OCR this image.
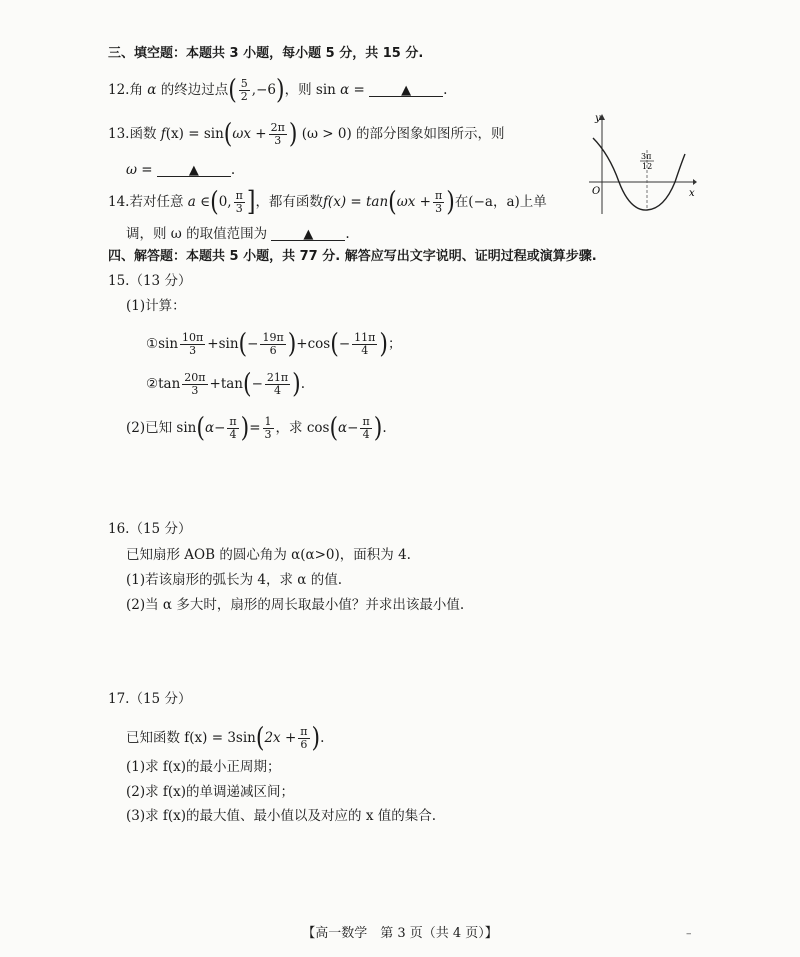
三、填空题：本题共 3 小题，每小题 5 分，共 15 分.
12.角 α 的终边过点( $\frac{5}{2} ,-6$)，则 sin α =	▲ .
13.函数 $f(x) = \sin(\omega x + \frac{2\pi}{3}$ ) (ω > 0) 的部分图象如图所示，则
ω =	▲ .
y
x
O
3π
12
14.若对任意 a ∈(0, $\frac{\pi}{3}$ ]，都有函数$f(x) = \tan(\omega x + \frac{\pi}{3}$ )在(−a，a)上单
调，则 ω 的取值范围为	▲ .
四、解答题：本题共 5 小题，共 77 分. 解答应写出文字说明、证明过程或演算步骤.
15.（13 分）
(1)计算：
①sin $\frac{10\pi}{3} +\sin(- \frac{19\pi}{6} )+\cos(- \frac{11\pi}{4}$ )；
②tan $\frac{20\pi}{3} +\tan(- \frac{21\pi}{4}$ ).
(2)已知 $\sin(\alpha- \frac{\pi}{4}$ )= $\frac{1}{3}$ ，求 $\cos(\alpha- \frac{\pi}{4}$ ).
16.（15 分）
已知扇形 AOB 的圆心角为 α(α>0)，面积为 4.
(1)若该扇形的弧长为 4，求 α 的值.
(2)当 α 多大时，扇形的周长取最小值？并求出该最小值.
17.（15 分）
已知函数 $f(x) = 3\sin(2x + \frac{\pi}{6}$ ).
(1)求 f(x)的最小正周期；
(2)求 f(x)的单调递减区间；
(3)求 f(x)的最大值、最小值以及对应的 x 值的集合.
【高一数学　第 3 页（共 4 页）】	–
